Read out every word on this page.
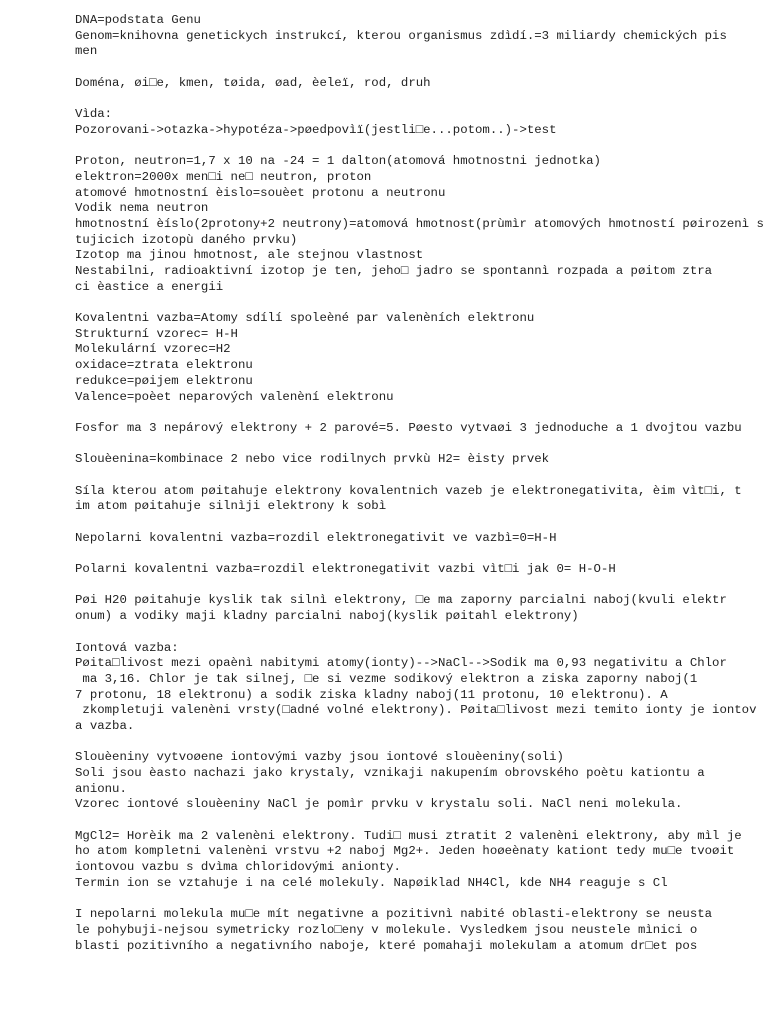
DNA=podstata Genu
Genom=knihovna genetickych instrukcí, kterou organismus zdìdí.=3 miliardy chemických pis
men
Doména, øi□e, kmen, tøida, øad, èeleï, rod, druh
Vìda:
Pozorovani->otazka->hypotéza->pøedpovìï(jestli□e...potom..)->test
Proton, neutron=1,7 x 10 na -24 = 1 dalton(atomová hmotnostni jednotka)
elektron=2000x men□i ne□ neutron, proton
atomové hmotnostní èislo=souèet protonu a neutronu
Vodik nema neutron
hmotnostní èíslo(2protony+2 neutrony)=atomová hmotnost(prùmìr atomových hmotností pøirozenì s
tujicich izotopù daného prvku)
Izotop ma jinou hmotnost, ale stejnou vlastnost
Nestabilni, radioaktivní izotop je ten, jeho□ jadro se spontannì rozpada a pøitom ztra
ci èastice a energii
Kovalentni vazba=Atomy sdílí spoleèné par valenèních elektronu
Strukturní vzorec= H-H
Molekulární vzorec=H2
oxidace=ztrata elektronu
redukce=pøijem elektronu
Valence=poèet neparových valenèní elektronu
Fosfor ma 3 nepárový elektrony + 2 parové=5. Pøesto vytvaøi 3 jednoduche a 1 dvojtou vazbu
Slouèenina=kombinace 2 nebo vice rodilnych prvkù H2= èisty prvek
Síla kterou atom pøitahuje elektrony kovalentnich vazeb je elektronegativita, èim vìt□i, t
im atom pøitahuje silnìji elektrony k sobì
Nepolarni kovalentni vazba=rozdil elektronegativit ve vazbì=0=H-H
Polarni kovalentni vazba=rozdil elektronegativit vazbi vìt□i jak 0= H-O-H
Pøi H20 pøitahuje kyslik tak silnì elektrony, □e ma zaporny parcialni naboj(kvuli elektr
onum) a vodiky maji kladny parcialni naboj(kyslik pøitahl elektrony)
Iontová vazba:
Pøita□livost mezi opaènì nabitymi atomy(ionty)-->NaCl-->Sodik ma 0,93 negativitu a Chlor
ma 3,16. Chlor je tak silnej, □e si vezme sodikový elektron a ziska zaporny naboj(1
7 protonu, 18 elektronu) a sodik ziska kladny naboj(11 protonu, 10 elektronu). A
zkompletuji valenèni vrsty(□adné volné elektrony). Pøita□livost mezi temito ionty je iontov
a vazba.
Slouèeniny vytvoøene iontovými vazby jsou iontové slouèeniny(soli)
Soli jsou èasto nachazi jako krystaly, vznikaji nakupením obrovského poètu kationtu a
anionu.
Vzorec iontové slouèeniny NaCl je pomìr prvku v krystalu soli. NaCl neni molekula.
MgCl2= Horèik ma 2 valenèni elektrony. Tudi□ musi ztratit 2 valenèni elektrony, aby mìl je
ho atom kompletni valenèni vrstvu +2 naboj Mg2+. Jeden hoøeènaty kationt tedy mu□e tvoøit
iontovou vazbu s dvìma chloridovými anionty.
Termin ion se vztahuje i na celé molekuly. Napøiklad NH4Cl, kde NH4 reaguje s Cl
I nepolarni molekula mu□e mít negativne a pozitivnì nabité oblasti-elektrony se neusta
le pohybuji-nejsou symetricky rozlo□eny v molekule. Vysledkem jsou neustele mìnici o
blasti pozitivního a negativního naboje, které pomahaji molekulam a atomum dr□et pos
